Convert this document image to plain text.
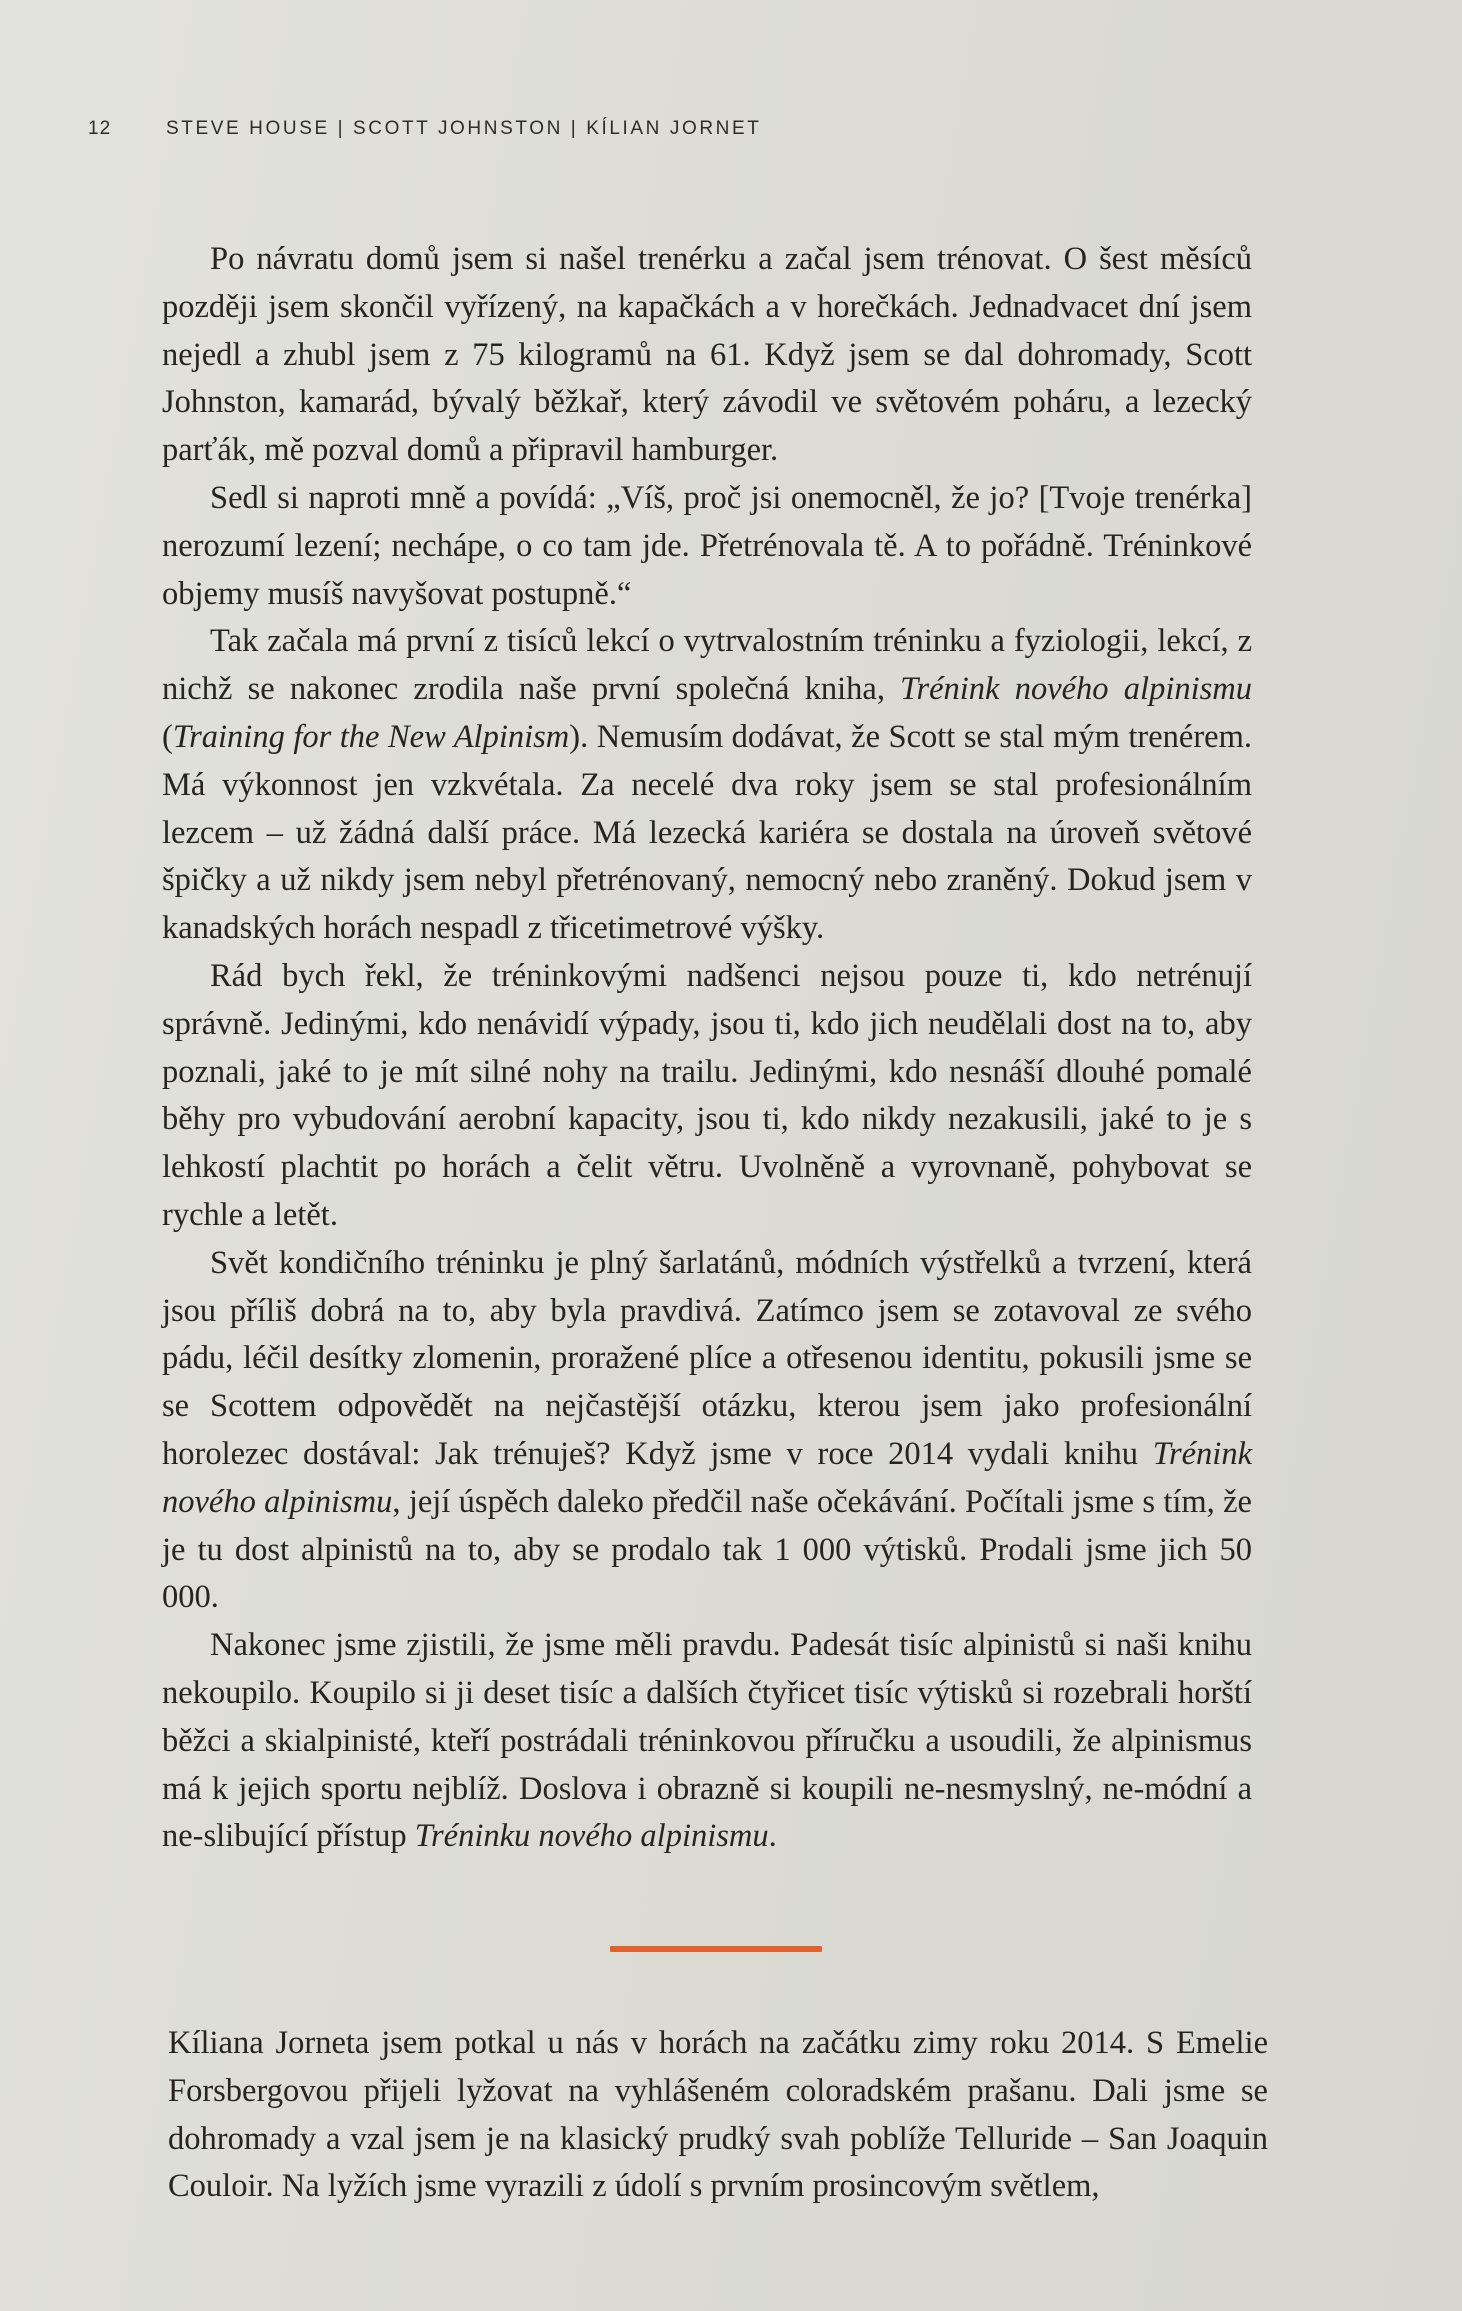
12	STEVE HOUSE | SCOTT JOHNSTON | KÍLIAN JORNET

Po návratu domů jsem si našel trenérku a začal jsem trénovat. O šest měsíců později jsem skončil vyřízený, na kapačkách a v horečkách. Jednadvacet dní jsem nejedl a zhubl jsem z 75 kilogramů na 61. Když jsem se dal dohromady, Scott Johnston, kamarád, bývalý běžkař, který závodil ve světovém poháru, a lezecký parťák, mě pozval domů a připravil hamburger.

Sedl si naproti mně a povídá: „Víš, proč jsi onemocněl, že jo? [Tvoje trenérka] nerozumí lezení; nechápe, o co tam jde. Přetrénovala tě. A to pořádně. Tréninkové objemy musíš navyšovat postupně.“

Tak začala má první z tisíců lekcí o vytrvalostním tréninku a fyziologii, lekcí, z nichž se nakonec zrodila naše první společná kniha, Trénink nového alpinismu (Training for the New Alpinism). Nemusím dodávat, že Scott se stal mým trenérem. Má výkonnost jen vzkvétala. Za necelé dva roky jsem se stal profesionálním lezcem – už žádná další práce. Má lezecká kariéra se dostala na úroveň světové špičky a už nikdy jsem nebyl přetrénovaný, nemocný nebo zraněný. Dokud jsem v kanadských horách nespadl z třicetimetrové výšky.

Rád bych řekl, že tréninkovými nadšenci nejsou pouze ti, kdo netrénují správně. Jedinými, kdo nenávidí výpady, jsou ti, kdo jich neudělali dost na to, aby poznali, jaké to je mít silné nohy na trailu. Jedinými, kdo nesnáší dlouhé pomalé běhy pro vybudování aerobní kapacity, jsou ti, kdo nikdy nezakusili, jaké to je s lehkostí plachtit po horách a čelit větru. Uvolněně a vyrovnaně, pohybovat se rychle a letět.

Svět kondičního tréninku je plný šarlatánů, módních výstřelků a tvrzení, která jsou příliš dobrá na to, aby byla pravdivá. Zatímco jsem se zotavoval ze svého pádu, léčil desítky zlomenin, proražené plíce a otřesenou identitu, pokusili jsme se se Scottem odpovědět na nejčastější otázku, kterou jsem jako profesionální horolezec dostával: Jak trénuješ? Když jsme v roce 2014 vydali knihu Trénink nového alpinismu, její úspěch daleko předčil naše očekávání. Počítali jsme s tím, že je tu dost alpinistů na to, aby se prodalo tak 1 000 výtisků. Prodali jsme jich 50 000.

Nakonec jsme zjistili, že jsme měli pravdu. Padesát tisíc alpinistů si naši knihu nekoupilo. Koupilo si ji deset tisíc a dalších čtyřicet tisíc výtisků si rozebrali horští běžci a skialpinisté, kteří postrádali tréninkovou příručku a usoudili, že alpinismus má k jejich sportu nejblíž. Doslova i obrazně si koupili ne-nesmyslný, ne-módní a ne-slibující přístup Tréninku nového alpinismu.

Kíliana Jorneta jsem potkal u nás v horách na začátku zimy roku 2014. S Emelie Forsbergovou přijeli lyžovat na vyhlášeném coloradském prašanu. Dali jsme se dohromady a vzal jsem je na klasický prudký svah poblíže Telluride – San Joaquin Couloir. Na lyžích jsme vyrazili z údolí s prvním prosincovým světlem,
